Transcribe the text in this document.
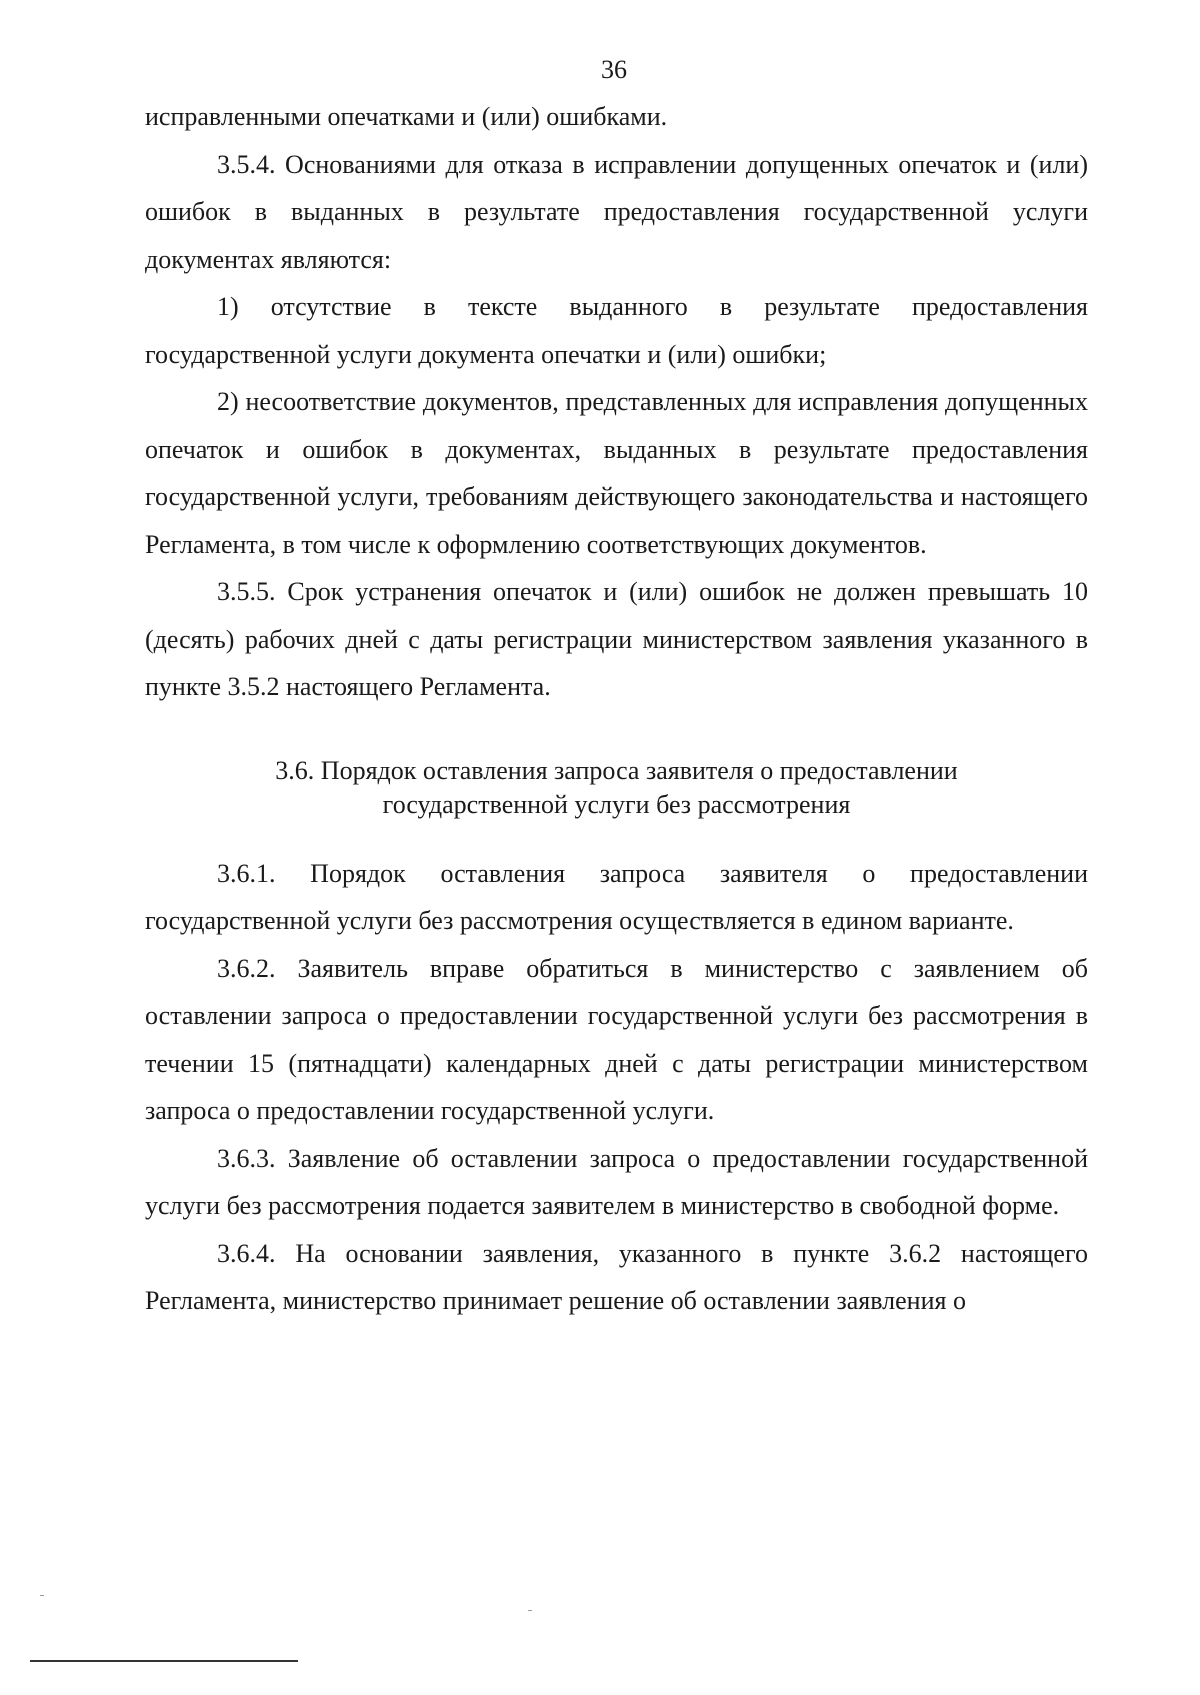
36

исправленными опечатками и (или) ошибками.

3.5.4. Основаниями для отказа в исправлении допущенных опечаток и (или) ошибок в выданных в результате предоставления государственной услуги документах являются:

1) отсутствие в тексте выданного в результате предоставления государственной услуги документа опечатки и (или) ошибки;

2) несоответствие документов, представленных для исправления допущенных опечаток и ошибок в документах, выданных в результате предоставления государственной услуги, требованиям действующего законодательства и настоящего Регламента, в том числе к оформлению соответствующих документов.

3.5.5. Срок устранения опечаток и (или) ошибок не должен превышать 10 (десять) рабочих дней с даты регистрации министерством заявления указанного в пункте 3.5.2 настоящего Регламента.

3.6. Порядок оставления запроса заявителя о предоставлении
государственной услуги без рассмотрения

3.6.1. Порядок оставления запроса заявителя о предоставлении государственной услуги без рассмотрения осуществляется в едином варианте.

3.6.2. Заявитель вправе обратиться в министерство с заявлением об оставлении запроса о предоставлении государственной услуги без рассмотрения в течении 15 (пятнадцати) календарных дней с даты регистрации министерством запроса о предоставлении государственной услуги.

3.6.3. Заявление об оставлении запроса о предоставлении государственной услуги без рассмотрения подается заявителем в министерство в свободной форме.

3.6.4. На основании заявления, указанного в пункте 3.6.2 настоящего Регламента, министерство принимает решение об оставлении заявления о
